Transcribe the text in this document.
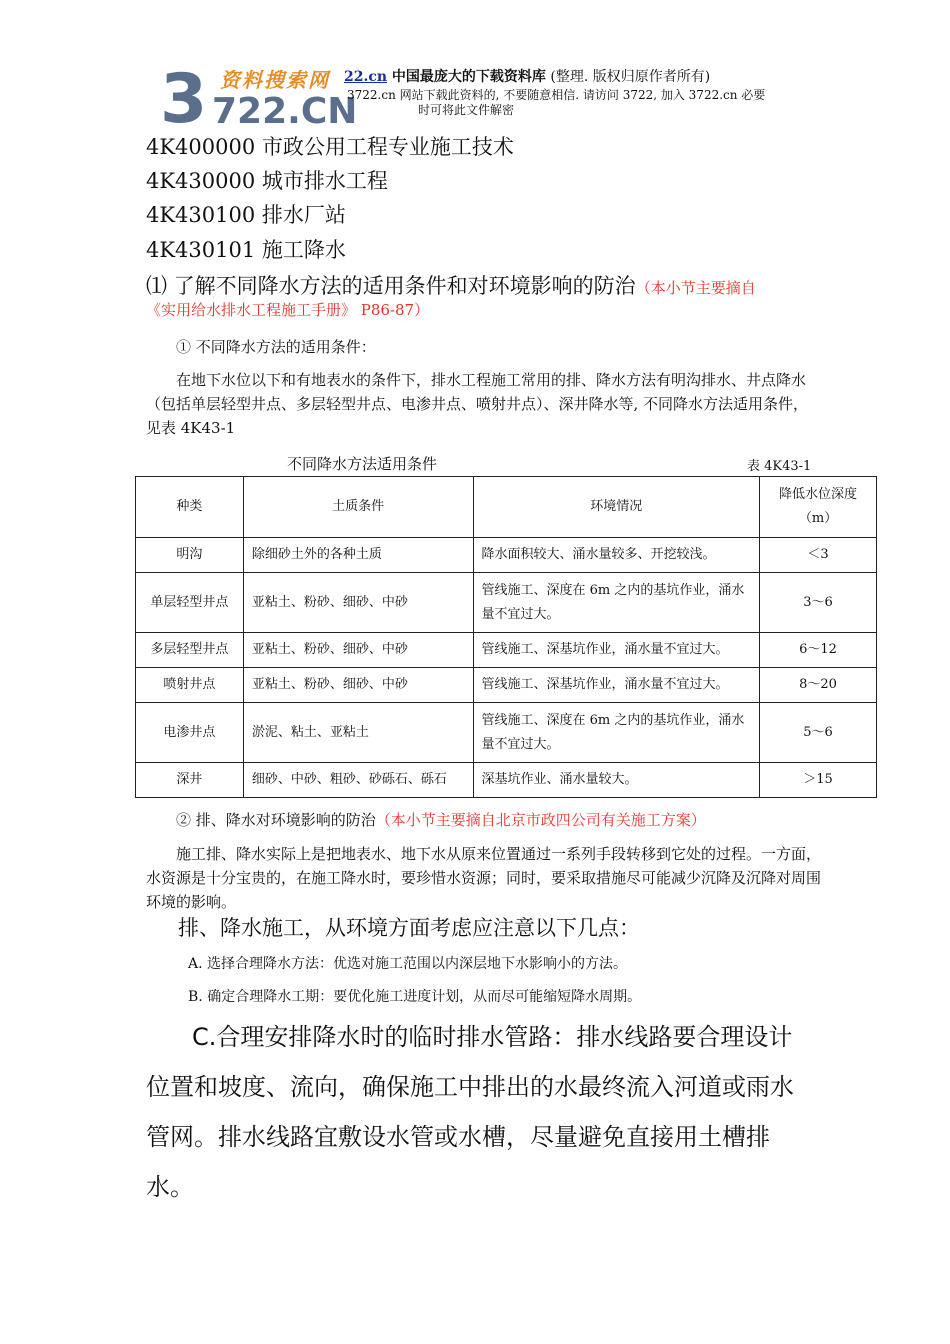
3 资料搜索网
722.CN
22.cn 中国最庞大的下载资料库 (整理. 版权归原作者所有)
3722.cn 网站下载此资料的, 不要随意相信. 请访问 3722, 加入 3722.cn 必要
时可将此文件解密
4K400000 市政公用工程专业施工技术
4K430000 城市排水工程
4K430100 排水厂站
4K430101 施工降水
⑴ 了解不同降水方法的适用条件和对环境影响的防治（本小节主要摘自
《实用给水排水工程施工手册》 P86-87）
① 不同降水方法的适用条件：
在地下水位以下和有地表水的条件下，排水工程施工常用的排、降水方法有明沟排水、井点降水（包括单层轻型井点、多层轻型井点、电渗井点、喷射井点）、深井降水等, 不同降水方法适用条件， 见表 4K43-1
不同降水方法适用条件	表 4K43-1
种类	土质条件	环境情况	降低水位深度（m）
明沟	除细砂土外的各种土质	降水面积较大、涌水量较多、开挖较浅。	＜3
单层轻型井点	亚粘土、粉砂、细砂、中砂	管线施工、深度在 6m 之内的基坑作业，涌水量不宜过大。	3～6
多层轻型井点	亚粘土、粉砂、细砂、中砂	管线施工、深基坑作业，涌水量不宜过大。	6～12
喷射井点	亚粘土、粉砂、细砂、中砂	管线施工、深基坑作业，涌水量不宜过大。	8～20
电渗井点	淤泥、粘土、亚粘土	管线施工、深度在 6m 之内的基坑作业，涌水量不宜过大。	5～6
深井	细砂、中砂、粗砂、砂砾石、砾石	深基坑作业、涌水量较大。	＞15
② 排、降水对环境影响的防治（本小节主要摘自北京市政四公司有关施工方案）
施工排、降水实际上是把地表水、地下水从原来位置通过一系列手段转移到它处的过程。一方面，水资源是十分宝贵的，在施工降水时，要珍惜水资源；同时，要采取措施尽可能减少沉降及沉降对周围环境的影响。
排、降水施工，从环境方面考虑应注意以下几点：
A. 选择合理降水方法：优选对施工范围以内深层地下水影响小的方法。
B. 确定合理降水工期：要优化施工进度计划，从而尽可能缩短降水周期。
C.合理安排降水时的临时排水管路：排水线路要合理设计位置和坡度、流向，确保施工中排出的水最终流入河道或雨水管网。排水线路宜敷设水管或水槽，尽量避免直接用土槽排水。
